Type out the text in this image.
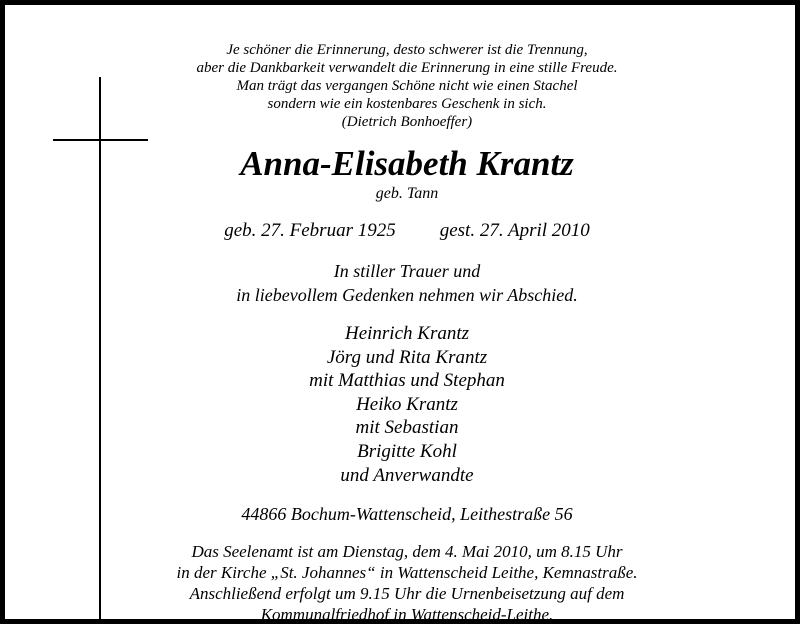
Je schöner die Erinnerung, desto schwerer ist die Trennung,
aber die Dankbarkeit verwandelt die Erinnerung in eine stille Freude.
Man trägt das vergangen Schöne nicht wie einen Stachel
sondern wie ein kostenbares Geschenk in sich.
(Dietrich Bonhoeffer)
Anna-Elisabeth Krantz
geb. Tann
geb. 27. Februar 1925 gest. 27. April 2010
In stiller Trauer und
in liebevollem Gedenken nehmen wir Abschied.
Heinrich Krantz
Jörg und Rita Krantz
mit Matthias und Stephan
Heiko Krantz
mit Sebastian
Brigitte Kohl
und Anverwandte
44866 Bochum-Wattenscheid, Leithestraße 56
Das Seelenamt ist am Dienstag, dem 4. Mai 2010, um 8.15 Uhr
in der Kirche „St. Johannes“ in Wattenscheid Leithe, Kemnastraße.
Anschließend erfolgt um 9.15 Uhr die Urnenbeisetzung auf dem
Kommunalfriedhof in Wattenscheid-Leithe.
